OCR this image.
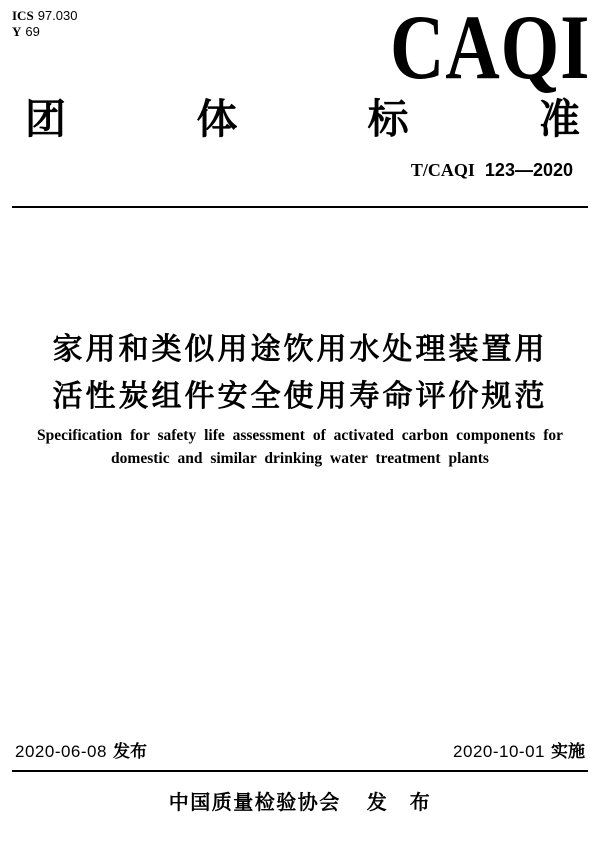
ICS 97.030
Y 69	CAQI
团	体	标	准
T/CAQI 123—2020
家用和类似用途饮用水处理装置用
活性炭组件安全使用寿命评价规范
Specification for safety life assessment of activated carbon components for
domestic and similar drinking water treatment plants
2020-06-08 发布	2020-10-01 实施
中国质量检验协会 发　布
